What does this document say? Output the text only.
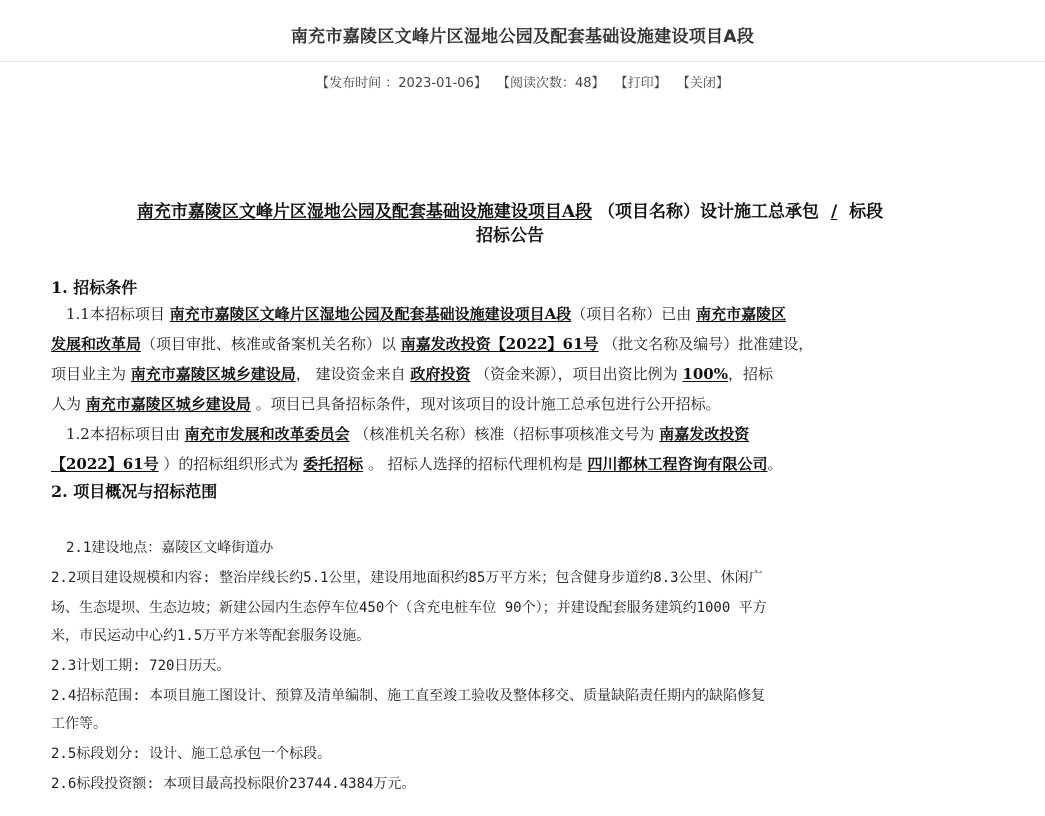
南充市嘉陵区文峰片区湿地公园及配套基础设施建设项目A段
【发布时间 ：2023-01-06】 【阅读次数：48】 【打印】 【关闭】
南充市嘉陵区文峰片区湿地公园及配套基础设施建设项目A段 （项目名称）设计施工总承包 / 标段
招标公告
1. 招标条件
1.1本招标项目 南充市嘉陵区文峰片区湿地公园及配套基础设施建设项目A段（项目名称）已由 南充市嘉陵区
发展和改革局（项目审批、核准或备案机关名称）以 南嘉发改投资【2022】61号 （批文名称及编号）批准建设，
项目业主为 南充市嘉陵区城乡建设局， 建设资金来自 政府投资 （资金来源），项目出资比例为 100%，招标
人为 南充市嘉陵区城乡建设局 。项目已具备招标条件，现对该项目的设计施工总承包进行公开招标。
1.2本招标项目由 南充市发展和改革委员会 （核准机关名称）核准（招标事项核准文号为 南嘉发改投资
【2022】61号 ）的招标组织形式为 委托招标 。 招标人选择的招标代理机构是 四川都林工程咨询有限公司。
2. 项目概况与招标范围
2.1建设地点：嘉陵区文峰街道办
2.2项目建设规模和内容: 整治岸线长约5.1公里，建设用地面积约85万平方米；包含健身步道约8.3公里、休闲广
场、生态堤坝、生态边坡；新建公园内生态停车位450个（含充电桩车位 90个）；并建设配套服务建筑约1000 平方
米，市民运动中心约1.5万平方米等配套服务设施。
2.3计划工期: 720日历天。
2.4招标范围: 本项目施工图设计、预算及清单编制、施工直至竣工验收及整体移交、质量缺陷责任期内的缺陷修复
工作等。
2.5标段划分: 设计、施工总承包一个标段。
2.6标段投资额: 本项目最高投标限价23744.4384万元。
